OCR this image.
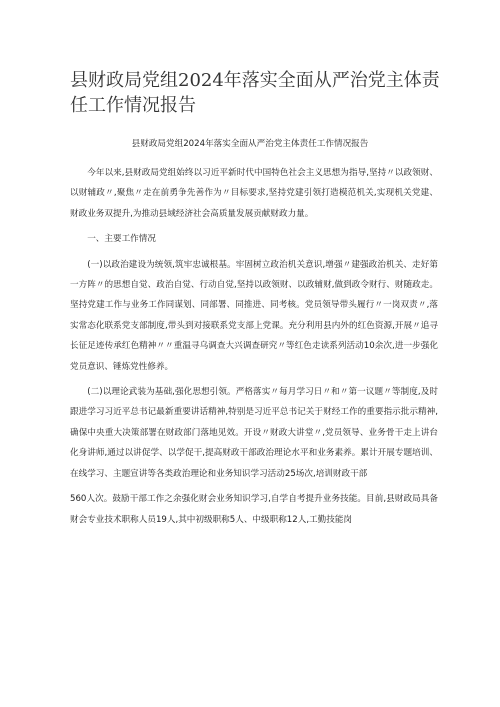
县财政局党组2024年落实全面从严治党主体责任工作情况报告
县财政局党组2024年落实全面从严治党主体责任工作情况报告

今年以来,县财政局党组始终以习近平新时代中国特色社会主义思想为指导,坚持〃以政领财、以财辅政〃,聚焦〃走在前勇争先善作为〃目标要求,坚持党建引领打造模范机关,实现机关党建、财政业务双提升,为推动县域经济社会高质量发展贡献财政力量。

一、主要工作情况

(一)以政治建设为统领,筑牢忠诚根基。牢固树立政治机关意识,增强〃建强政治机关、走好第一方阵〃的思想自觉、政治自觉、行动自觉,坚持以政领财、以政辅财,做到政令财行、财随政走。坚持党建工作与业务工作同谋划、同部署、同推进、同考核。党员领导带头履行〃一岗双责〃,落实常态化联系党支部制度,带头到对接联系党支部上党课。充分利用县内外的红色资源,开展〃追寻长征足迹传承红色精神〃〃重温寻乌调查大兴调查研究〃等红色走读系列活动10余次,进一步强化党员意识、锤炼党性修养。

(二)以理论武装为基础,强化思想引领。严格落实〃每月学习日〃和〃第一议题〃等制度,及时跟进学习习近平总书记最新重要讲话精神,特别是习近平总书记关于财经工作的重要指示批示精神,确保中央重大决策部署在财政部门落地见效。开设〃财政大讲堂〃,党员领导、业务骨干走上讲台化身讲师,通过以讲促学、以学促干,提高财政干部政治理论水平和业务素养。累计开展专题培训、在线学习、主题宣讲等各类政治理论和业务知识学习活动25场次,培训财政干部

560人次。鼓励干部工作之余强化财会业务知识学习,自学自考提升业务技能。目前,县财政局具备财会专业技术职称人员19人,其中初级职称5人、中级职称12人,工勤技能岗
